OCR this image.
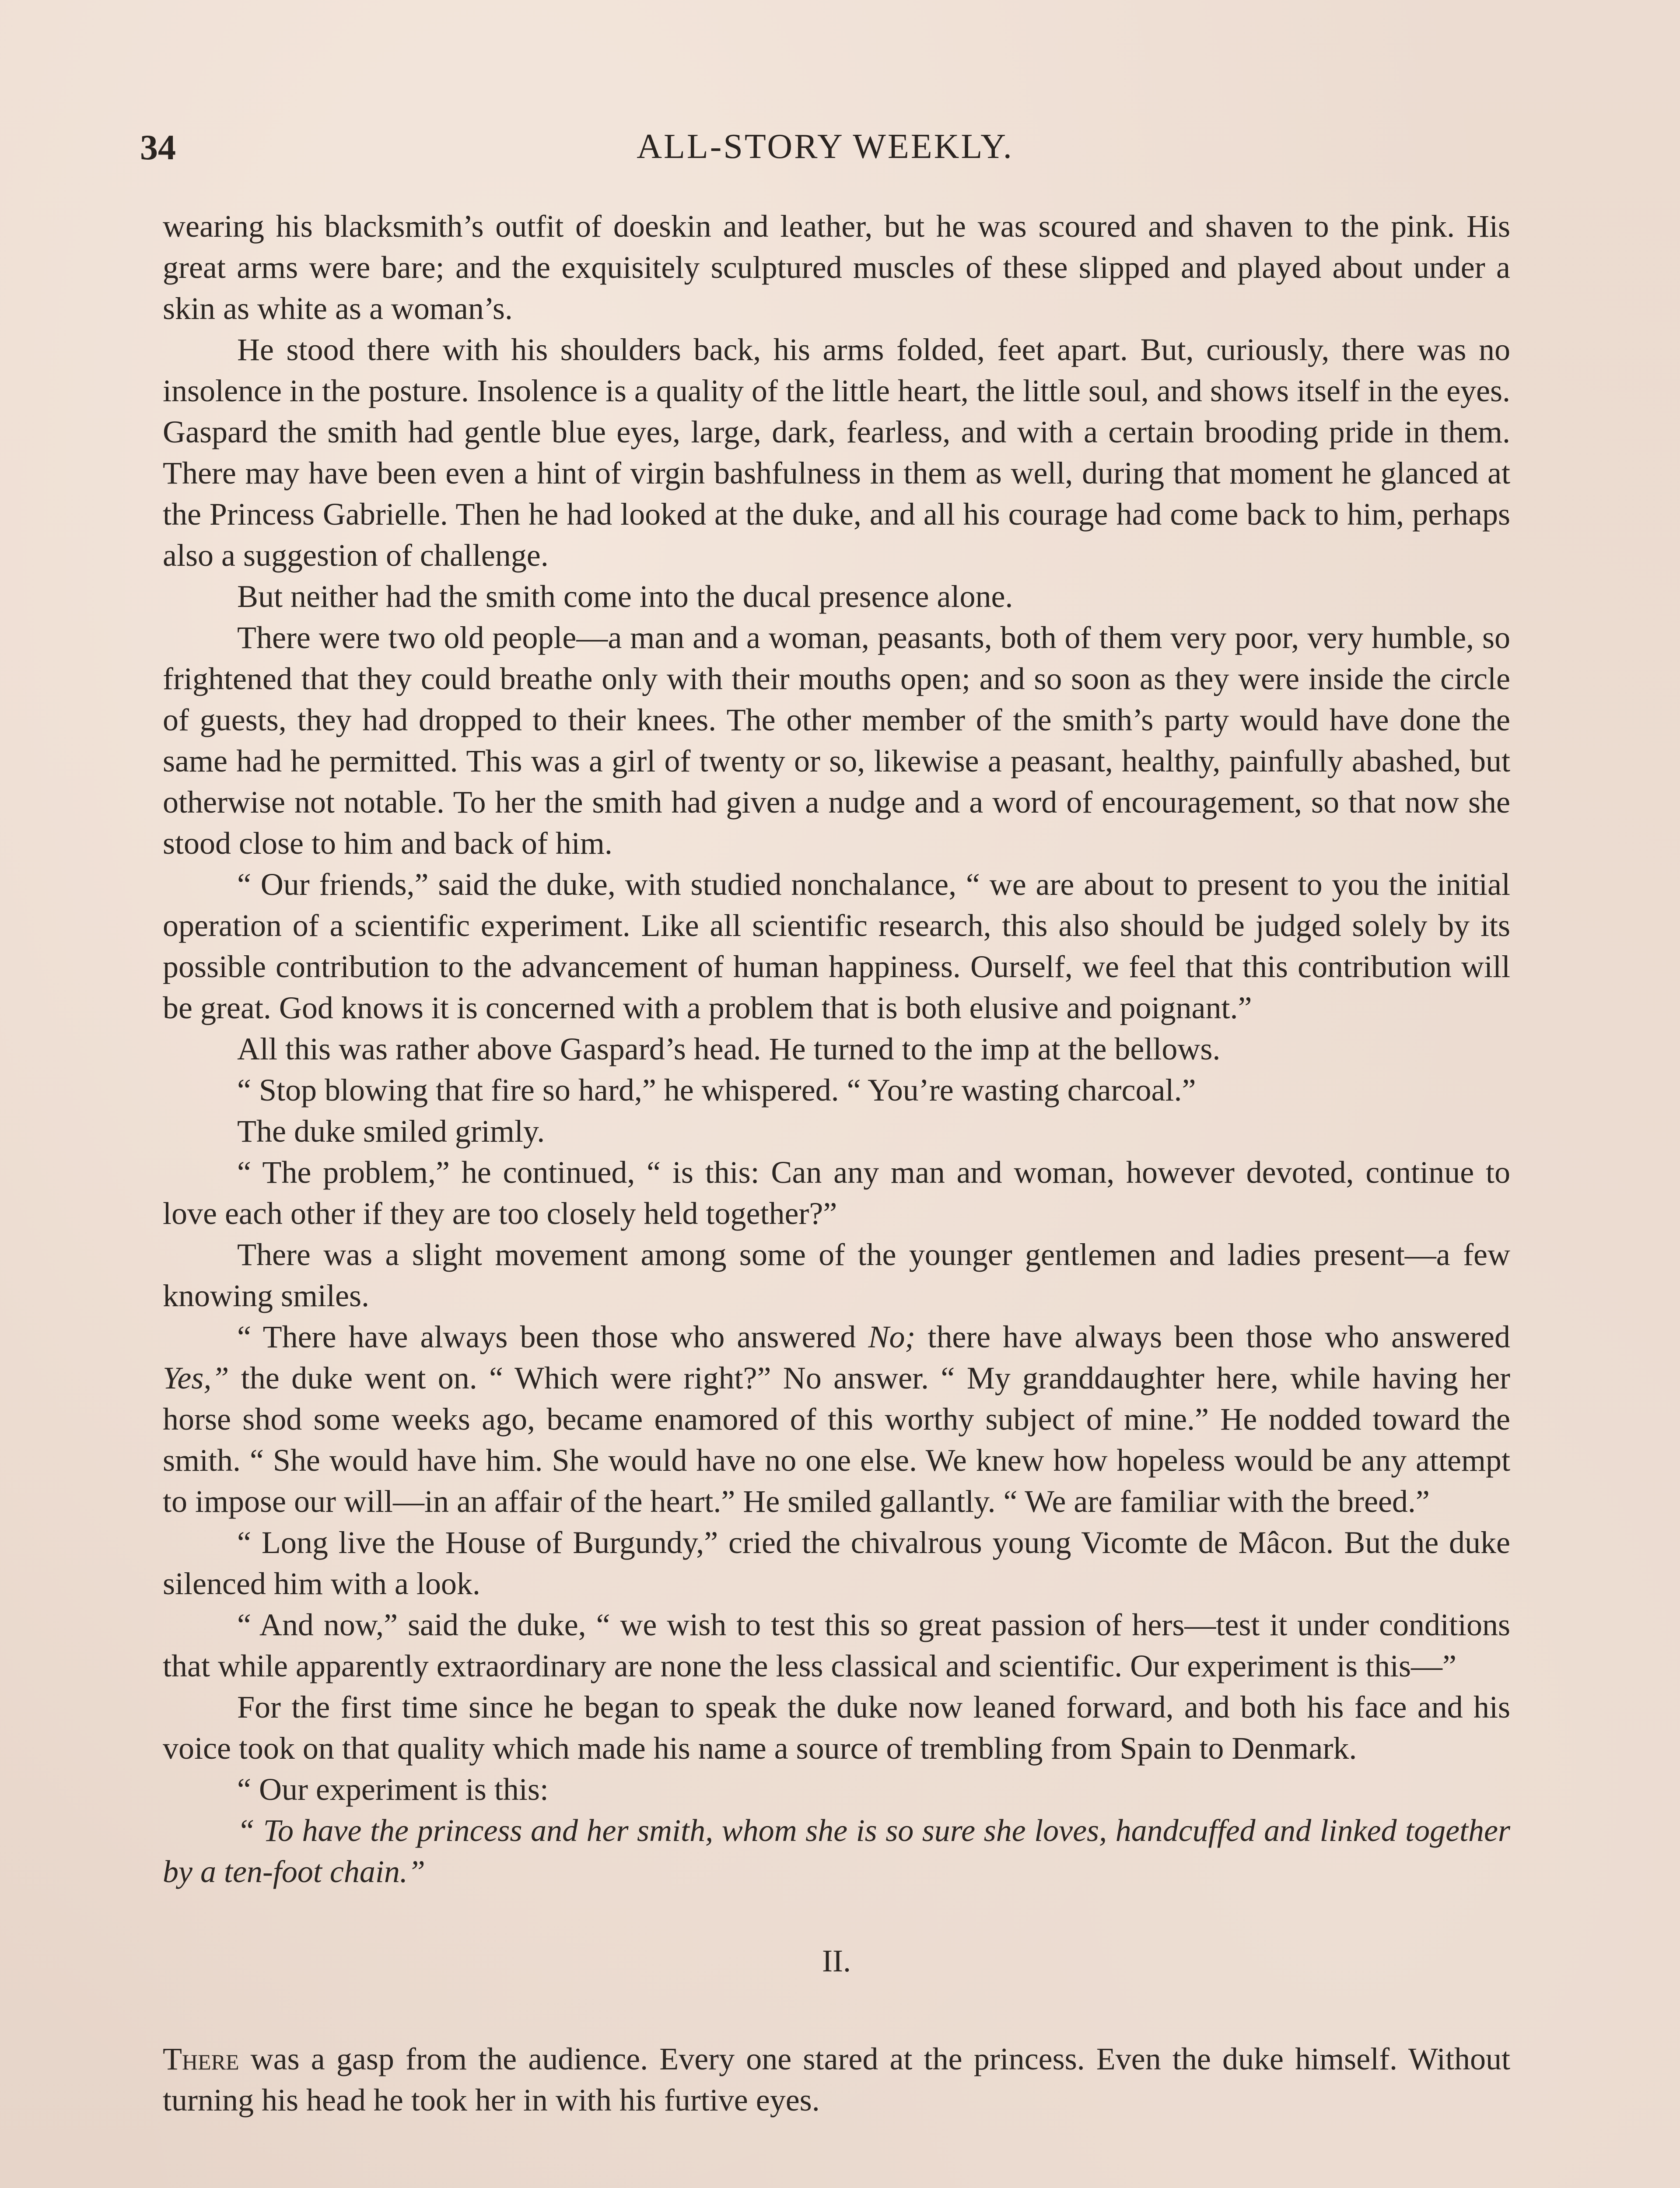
34	ALL-STORY WEEKLY.

wearing his blacksmith’s outfit of doeskin and leather, but he was scoured and shaven to the pink. His great arms were bare; and the exquisitely sculptured muscles of these slipped and played about under a skin as white as a woman’s.

He stood there with his shoulders back, his arms folded, feet apart. But, curiously, there was no insolence in the posture. Insolence is a quality of the little heart, the little soul, and shows itself in the eyes. Gaspard the smith had gentle blue eyes, large, dark, fearless, and with a certain brooding pride in them. There may have been even a hint of virgin bashfulness in them as well, during that moment he glanced at the Princess Gabrielle. Then he had looked at the duke, and all his courage had come back to him, perhaps also a suggestion of challenge.

But neither had the smith come into the ducal presence alone.

There were two old people—a man and a woman, peasants, both of them very poor, very humble, so frightened that they could breathe only with their mouths open; and so soon as they were inside the circle of guests, they had dropped to their knees. The other member of the smith’s party would have done the same had he permitted. This was a girl of twenty or so, likewise a peasant, healthy, painfully abashed, but otherwise not notable. To her the smith had given a nudge and a word of encouragement, so that now she stood close to him and back of him.

“ Our friends,” said the duke, with studied nonchalance, “ we are about to present to you the initial operation of a scientific experiment. Like all scientific research, this also should be judged solely by its possible contribution to the advancement of human happiness. Ourself, we feel that this contribution will be great. God knows it is concerned with a problem that is both elusive and poignant.”

All this was rather above Gaspard’s head. He turned to the imp at the bellows.

“ Stop blowing that fire so hard,” he whispered. “ You’re wasting charcoal.”

The duke smiled grimly.

“ The problem,” he continued, “ is this: Can any man and woman, however devoted, continue to love each other if they are too closely held together?”

There was a slight movement among some of the younger gentlemen and ladies present—a few knowing smiles.

“ There have always been those who answered No; there have always been those who answered Yes,” the duke went on. “ Which were right?” No answer. “ My granddaughter here, while having her horse shod some weeks ago, became enamored of this worthy subject of mine.” He nodded toward the smith. “ She would have him. She would have no one else. We knew how hopeless would be any attempt to impose our will—in an affair of the heart.” He smiled gallantly. “ We are familiar with the breed.”

“ Long live the House of Burgundy,” cried the chivalrous young Vicomte de Mâcon. But the duke silenced him with a look.

“ And now,” said the duke, “ we wish to test this so great passion of hers—test it under conditions that while apparently extraordinary are none the less classical and scientific. Our experiment is this—”

For the first time since he began to speak the duke now leaned forward, and both his face and his voice took on that quality which made his name a source of trembling from Spain to Denmark.

“ Our experiment is this:

“ To have the princess and her smith, whom she is so sure she loves, handcuffed and linked together by a ten-foot chain.”

II.

There was a gasp from the audience. Every one stared at the princess. Even the duke himself. Without turning his head he took her in with his furtive eyes.
